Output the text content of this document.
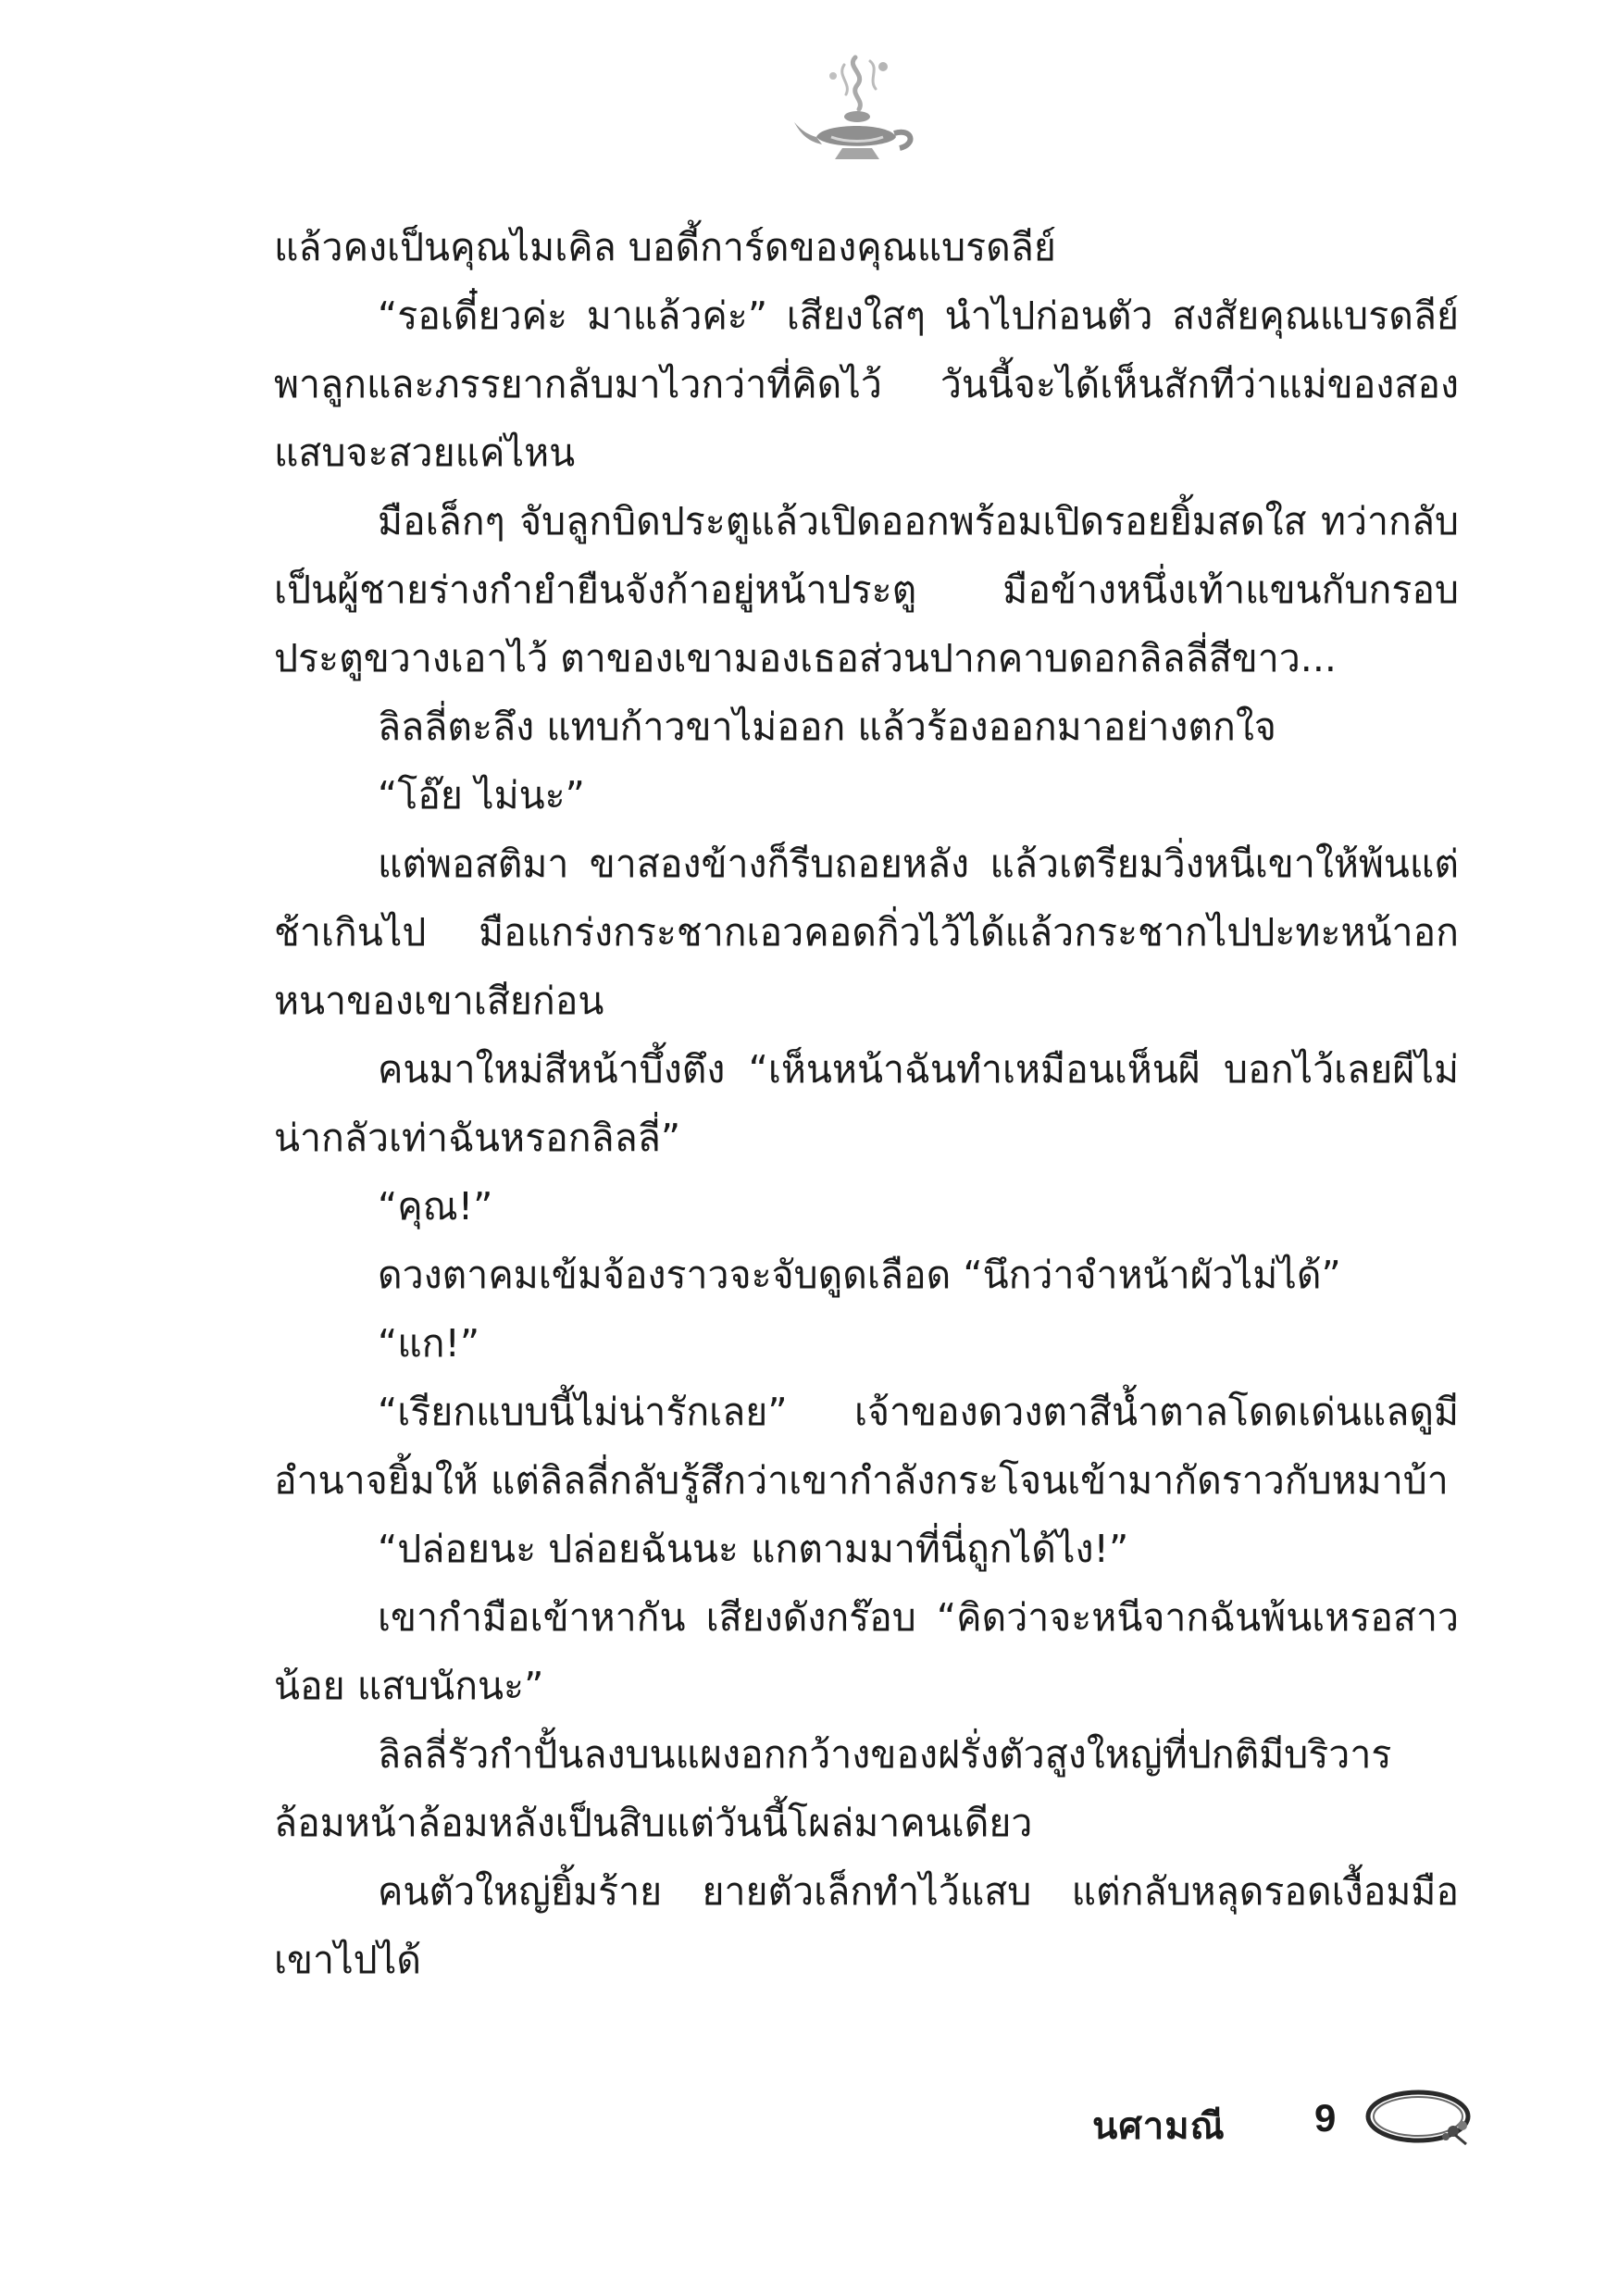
แล้วคงเป็นคุณไมเคิล บอดี้การ์ดของคุณแบรดลีย์

“รอเดี๋ยวค่ะ มาแล้วค่ะ” เสียงใสๆ นำไปก่อนตัว สงสัยคุณแบรดลีย์พาลูกและภรรยากลับมาไวกว่าที่คิดไว้ วันนี้จะได้เห็นสักทีว่าแม่ของสองแสบจะสวยแค่ไหน

มือเล็กๆ จับลูกบิดประตูแล้วเปิดออกพร้อมเปิดรอยยิ้มสดใส ทว่ากลับเป็นผู้ชายร่างกำยำยืนจังก้าอยู่หน้าประตู มือข้างหนึ่งเท้าแขนกับกรอบประตูขวางเอาไว้ ตาของเขามองเธอส่วนปากคาบดอกลิลลี่สีขาว...

ลิลลี่ตะลึง แทบก้าวขาไม่ออก แล้วร้องออกมาอย่างตกใจ

“โอ๊ย ไม่นะ”

แต่พอสติมา ขาสองข้างก็รีบถอยหลัง แล้วเตรียมวิ่งหนีเขาให้พ้นแต่ช้าเกินไป มือแกร่งกระชากเอวคอดกิ่วไว้ได้แล้วกระชากไปปะทะหน้าอกหนาของเขาเสียก่อน

คนมาใหม่สีหน้าบึ้งตึง “เห็นหน้าฉันทำเหมือนเห็นผี บอกไว้เลยผีไม่น่ากลัวเท่าฉันหรอกลิลลี่”

“คุณ!”

ดวงตาคมเข้มจ้องราวจะจับดูดเลือด “นึกว่าจำหน้าผัวไม่ได้”

“แก!”

“เรียกแบบนี้ไม่น่ารักเลย” เจ้าของดวงตาสีน้ำตาลโดดเด่นแลดูมีอำนาจยิ้มให้ แต่ลิลลี่กลับรู้สึกว่าเขากำลังกระโจนเข้ามากัดราวกับหมาบ้า

“ปล่อยนะ ปล่อยฉันนะ แกตามมาที่นี่ถูกได้ไง!”

เขากำมือเข้าหากัน เสียงดังกร๊อบ “คิดว่าจะหนีจากฉันพ้นเหรอสาวน้อย แสบนักนะ”

ลิลลี่รัวกำปั้นลงบนแผงอกกว้างของฝรั่งตัวสูงใหญ่ที่ปกติมีบริวารล้อมหน้าล้อมหลังเป็นสิบแต่วันนี้โผล่มาคนเดียว

คนตัวใหญ่ยิ้มร้าย ยายตัวเล็กทำไว้แสบ แต่กลับหลุดรอดเงื้อมมือเขาไปได้

นศามณี 9
